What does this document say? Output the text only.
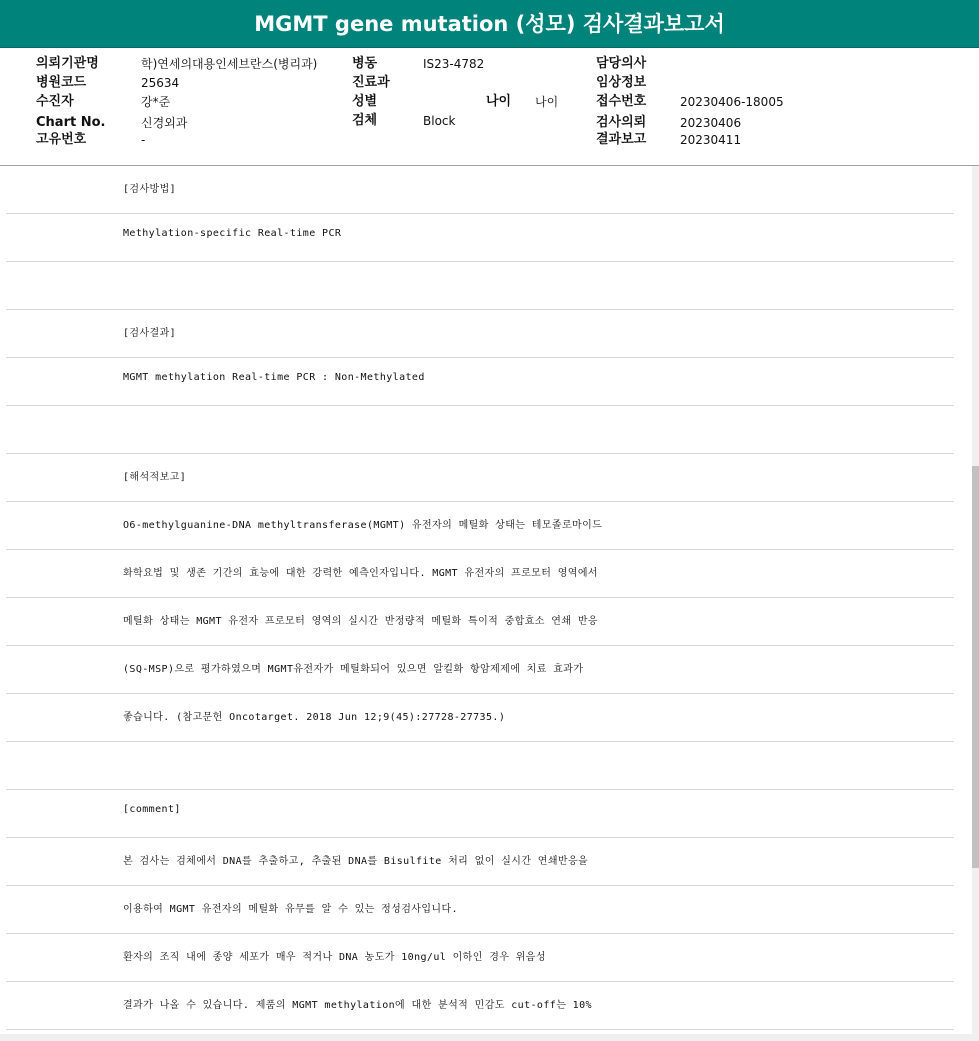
MGMT gene mutation (성모) 검사결과보고서
의뢰기관명	학)연세의대용인세브란스(병리과)
병원코드	25634
수진자	강*준
Chart No.	신경외과
고유번호	-
병동	IS23-4782
진료과
성별	나이 나이
검체	Block
담당의사
임상정보
접수번호	20230406-18005
검사의뢰	20230406
결과보고	20230411
[검사방법]
Methylation-specific Real-time PCR
[검사결과]
MGMT methylation Real-time PCR : Non-Methylated
[해석적보고]
O6-methylguanine-DNA methyltransferase(MGMT) 유전자의 메틸화 상태는 테모졸로마이드
화학요법 및 생존 기간의 효능에 대한 강력한 예측인자입니다. MGMT 유전자의 프로모터 영역에서
메틸화 상태는 MGMT 유전자 프로모터 영역의 실시간 반정량적 메틸화 특이적 중합효소 연쇄 반응
(SQ-MSP)으로 평가하였으며 MGMT유전자가 메틸화되어 있으면 알킬화 항암제제에 치료 효과가
좋습니다. (참고문헌 Oncotarget. 2018 Jun 12;9(45):27728-27735.)
[comment]
본 검사는 검체에서 DNA를 추출하고, 추출된 DNA를 Bisulfite 처리 없이 실시간 연쇄반응을
이용하여 MGMT 유전자의 메틸화 유무를 알 수 있는 정성검사입니다.
환자의 조직 내에 종양 세포가 매우 적거나 DNA 농도가 10ng/ul 이하인 경우 위음성
결과가 나올 수 있습니다. 제품의 MGMT methylation에 대한 분석적 민감도 cut-off는 10%
